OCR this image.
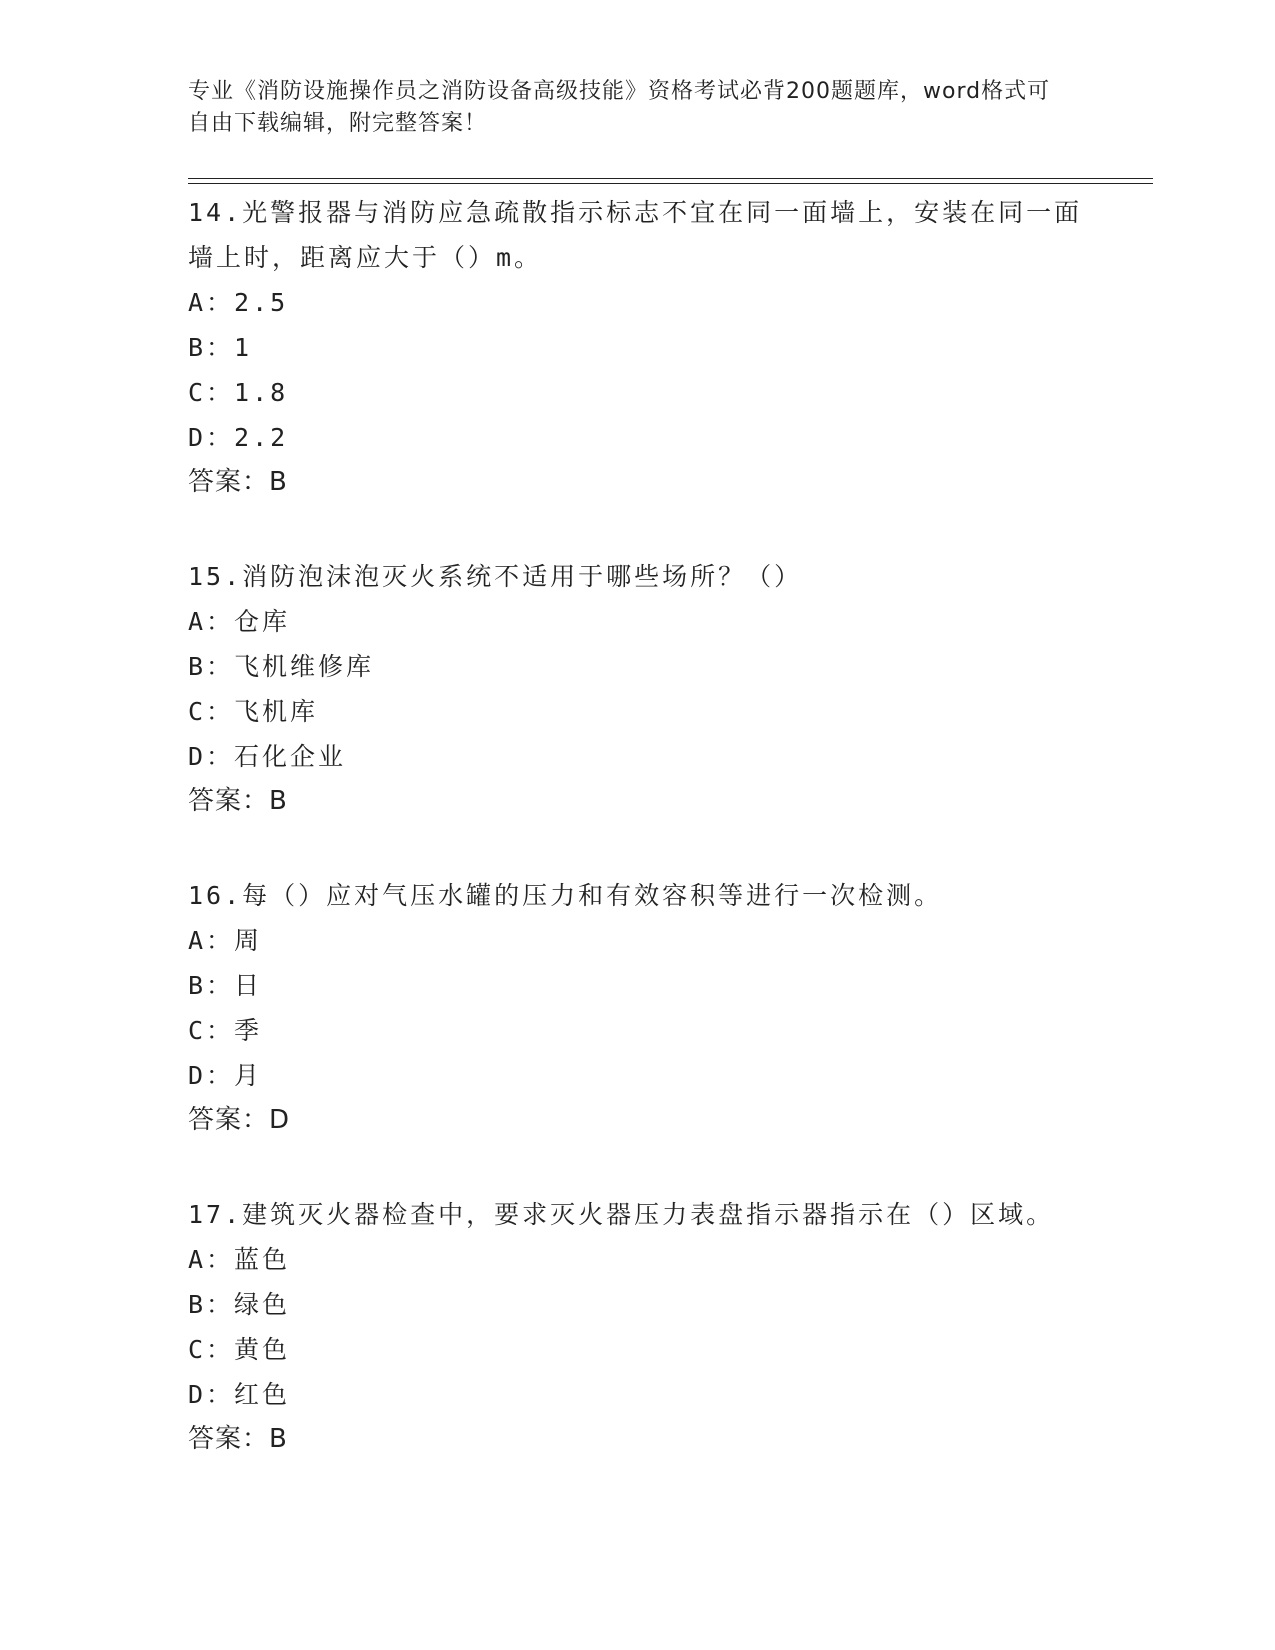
专业《消防设施操作员之消防设备高级技能》资格考试必背200题题库，word格式可自由下载编辑，附完整答案！

14.光警报器与消防应急疏散指示标志不宜在同一面墙上，安装在同一面墙上时，距离应大于（）m。

A：2.5

B：1

C：1.8

D：2.2

答案：B

15.消防泡沫泡灭火系统不适用于哪些场所？（）

A：仓库

B：飞机维修库

C：飞机库

D：石化企业

答案：B

16.每（）应对气压水罐的压力和有效容积等进行一次检测。

A：周

B：日

C：季

D：月

答案：D

17.建筑灭火器检查中，要求灭火器压力表盘指示器指示在（）区域。

A：蓝色

B：绿色

C：黄色

D：红色

答案：B
